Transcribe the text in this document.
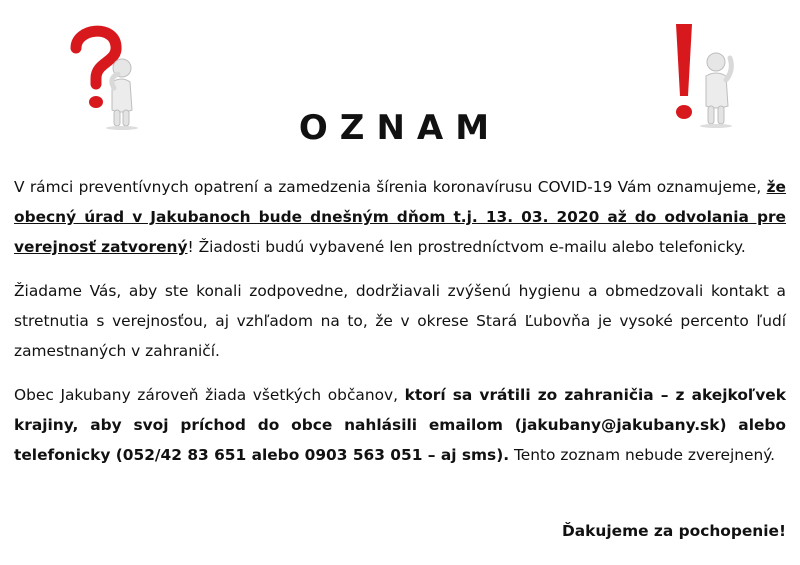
OZNAM

V rámci preventívnych opatrení a zamedzenia šírenia koronavírusu COVID-19 Vám oznamujeme, že obecný úrad v Jakubanoch bude dnešným dňom t.j. 13. 03. 2020 až do odvolania pre verejnosť zatvorený! Žiadosti budú vybavené len prostredníctvom e-mailu alebo telefonicky.

Žiadame Vás, aby ste konali zodpovedne, dodržiavali zvýšenú hygienu a obmedzovali kontakt a stretnutia s verejnosťou, aj vzhľadom na to, že v okrese Stará Ľubovňa je vysoké percento ľudí zamestnaných v zahraničí.

Obec Jakubany zároveň žiada všetkých občanov, ktorí sa vrátili zo zahraničia – z akejkoľvek krajiny, aby svoj príchod do obce nahlásili emailom (jakubany@jakubany.sk) alebo telefonicky (052/42 83 651 alebo 0903 563 051 – aj sms). Tento zoznam nebude zverejnený.

Ďakujeme za pochopenie!
